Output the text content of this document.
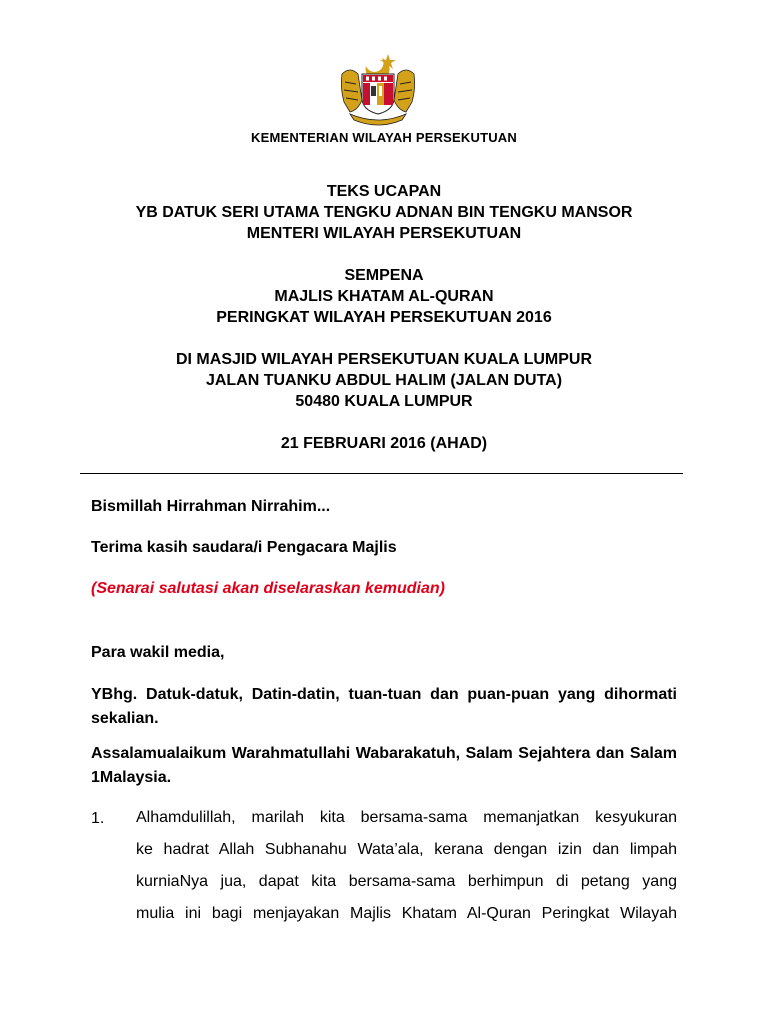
KEMENTERIAN WILAYAH PERSEKUTUAN
TEKS UCAPAN
YB DATUK SERI UTAMA TENGKU ADNAN BIN TENGKU MANSOR
MENTERI WILAYAH PERSEKUTUAN
SEMPENA
MAJLIS KHATAM AL-QURAN
PERINGKAT WILAYAH PERSEKUTUAN 2016
DI MASJID WILAYAH PERSEKUTUAN KUALA LUMPUR
JALAN TUANKU ABDUL HALIM (JALAN DUTA)
50480 KUALA LUMPUR
21 FEBRUARI 2016 (AHAD)
Bismillah Hirrahman Nirrahim...
Terima kasih saudara/i Pengacara Majlis
(Senarai salutasi akan diselaraskan kemudian)
Para wakil media,
YBhg. Datuk-datuk, Datin-datin, tuan-tuan dan puan-puan yang dihormati sekalian.
Assalamualaikum Warahmatullahi Wabarakatuh, Salam Sejahtera dan Salam 1Malaysia.
1. Alhamdulillah, marilah kita bersama-sama memanjatkan kesyukuran
ke hadrat Allah Subhanahu Wata’ala, kerana dengan izin dan limpah
kurniaNya jua, dapat kita bersama-sama berhimpun di petang yang
mulia ini bagi menjayakan Majlis Khatam Al-Quran Peringkat Wilayah
